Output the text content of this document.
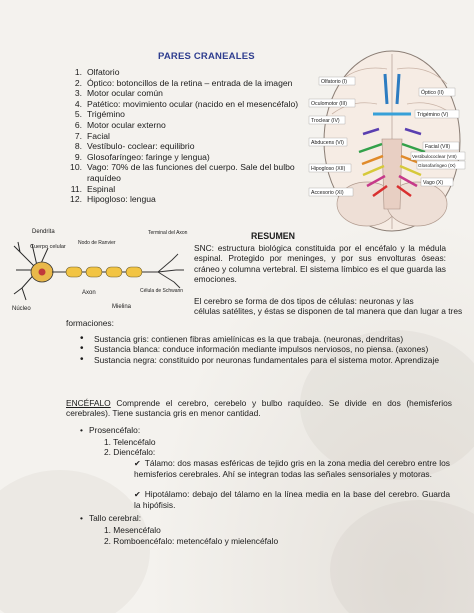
PARES CRANEALES
1. Olfatorio
2. Óptico: botoncillos de la retina – entrada de la imagen
3. Motor ocular común
4. Patético: movimiento ocular (nacido en el mesencéfalo)
5. Trigémino
6. Motor ocular externo
7. Facial
8. Vestíbulo- coclear: equilibrio
9. Glosofaríngeo: faringe y lengua)
10. Vago: 70% de las funciones del cuerpo. Sale del bulbo raquídeo
11. Espinal
12. Hipogloso: lengua
Olfatorio (I)
Óptico (II)
Oculomotor (III)
Trigémino (V)
Troclear (IV)
Abducens (VI)
Facial (VII)
Vestibulococlear (VIII)
Glosofaríngeo (IX)
Hipogloso (XII)
Vago (X)
Accesorio (XI)
Dendrita
Nodo de Ranvier
Terminal del Axon
Cuerpo celular
Axon	Célula de Schwann
Mielina
Núcleo
RESUMEN
SNC: estructura biológica constituida por el encéfalo y la médula espinal. Protegido por meninges, y por sus envolturas óseas: cráneo y columna vertebral. El sistema límbico es el que guarda las emociones.
El cerebro se forma de dos tipos de células: neuronas y las
células satélites, y éstas se disponen de tal manera que dan lugar a tres
formaciones:
• Sustancia gris: contienen fibras amielínicas es la que trabaja. (neuronas, dendritas)
• Sustancia blanca: conduce información mediante impulsos nerviosos, no piensa. (axones)
• Sustancia negra: constituido por neuronas fundamentales para el sistema motor. Aprendizaje
ENCÉFALO Comprende el cerebro, cerebelo y bulbo raquídeo. Se divide en dos (hemisferios cerebrales). Tiene sustancia gris en menor cantidad.
• Prosencéfalo:
1. Telencéfalo
2. Diencéfalo:
✔ Tálamo: dos masas esféricas de tejido gris en la zona media del cerebro entre los hemisferios cerebrales. Ahí se integran todas las señales sensoriales y motoras.
✔ Hipotálamo: debajo del tálamo en la línea media en la base del cerebro. Guarda la hipófisis.
• Tallo cerebral:
1. Mesencéfalo
2. Romboencéfalo: metencéfalo y mielencéfalo
